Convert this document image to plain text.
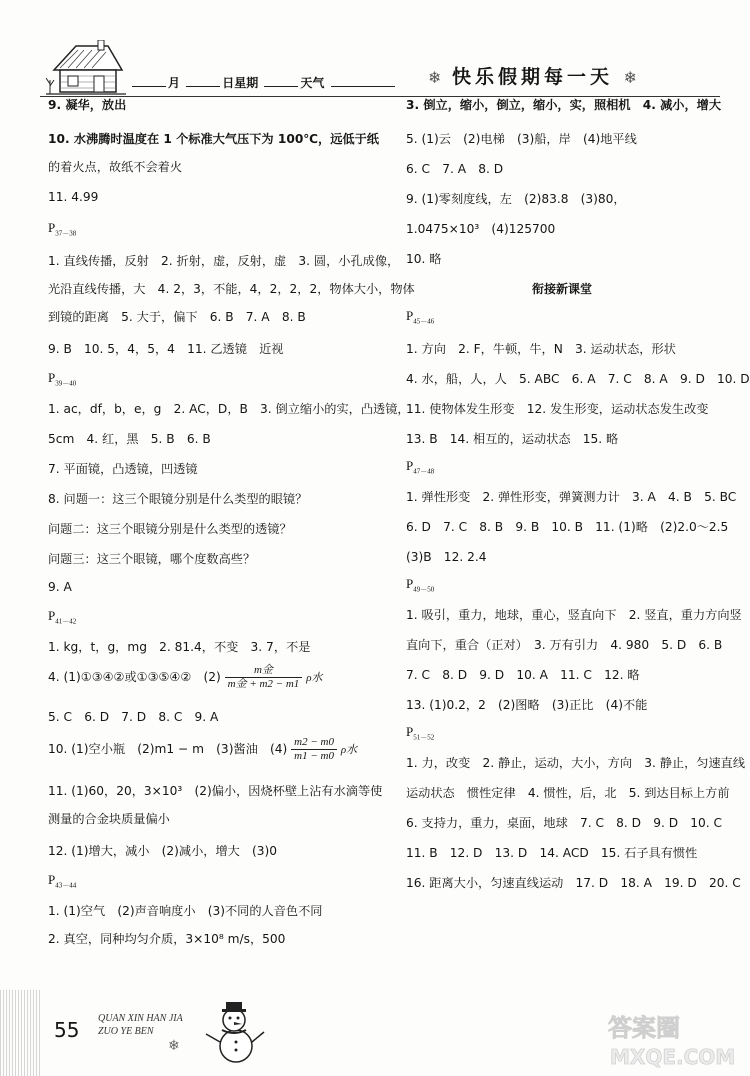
月	日星期	天气	❄ 快乐假期每一天 ❄
9. 凝华，放出
10. 水沸腾时温度在 1 个标准大气压下为 100℃，远低于纸
的着火点，故纸不会着火
11. 4.99
$P_{37-38}$
1. 直线传播，反射　2. 折射，虚，反射，虚　3. 圆，小孔成像，
光沿直线传播，大　4. 2，3，不能，4，2，2，2，物体大小，物体
到镜的距离　5. 大于，偏下　6. B　7. A　8. B
9. B　10. 5，4，5，4　11. 乙透镜　近视
$P_{39-40}$
1. ac，df，b，e，g　2. AC，D，B　3. 倒立缩小的实，凸透镜，
5cm　4. 红，黑　5. B　6. B
7. 平面镜，凸透镜，凹透镜
8. 问题一：这三个眼镜分别是什么类型的眼镜？
问题二：这三个眼镜分别是什么类型的透镜？
问题三：这三个眼镜，哪个度数高些？
9. A
$P_{41-42}$
1. kg，t，g，mg　2. 81.4，不变　3. 7，不是
4. (1)①③④②或①③⑤④②　$(2) \frac{\text{m金}}{\text{m金 + m2 − m1}}$ ρ水
5. C　6. D　7. D　8. C　9. A
10. (1)空小瓶　(2)m1 − m　(3)酱油　$(4) \frac{m2 - m0}{m1 - m0}$ ρ水
11. (1)60，20，3×10³　(2)偏小，因烧杯壁上沾有水滴等使
测量的合金块质量偏小
12. (1)增大，减小　(2)减小，增大　(3)0
$P_{43-44}$
1. (1)空气　(2)声音响度小　(3)不同的人音色不同
2. 真空，同种均匀介质，3×10⁸ m/s，500
3. 倒立，缩小，倒立，缩小，实，照相机　4. 减小，增大
5. (1)云　(2)电梯　(3)船，岸　(4)地平线
6. C　7. A　8. D
9. (1)零刻度线，左　(2)83.8　(3)80，
1.0475×10³　(4)125700
10. 略
衔接新课堂
$P_{45-46}$
1. 方向　2. F，牛顿，牛，N　3. 运动状态，形状
4. 水，船，人，人　5. ABC　6. A　7. C　8. A　9. D　10. D
11. 使物体发生形变　12. 发生形变，运动状态发生改变
13. B　14. 相互的，运动状态　15. 略
$P_{47-48}$
1. 弹性形变　2. 弹性形变，弹簧测力计　3. A　4. B　5. BC
6. D　7. C　8. B　9. B　10. B　11. (1)略　(2)2.0～2.5
(3)B　12. 2.4
$P_{49-50}$
1. 吸引，重力，地球，重心，竖直向下　2. 竖直，重力方向竖
直向下，重合（正对）　3. 万有引力　4. 980　5. D　6. B
7. C　8. D　9. D　10. A　11. C　12. 略
13. (1)0.2，2　(2)图略　(3)正比　(4)不能
$P_{51-52}$
1. 力，改变　2. 静止，运动，大小，方向　3. 静止，匀速直线
运动状态　惯性定律　4. 惯性，后，北　5. 到达目标上方前
6. 支持力，重力，桌面，地球　7. C　8. D　9. D　10. C
11. B　12. D　13. D　14. ACD　15. 石子具有惯性
16. 距离大小，匀速直线运动　17. D　18. A　19. D　20. C
55 QUAN XIN HAN JIA
ZUO YE BEN
❄
答案圈
MXQE.COM
